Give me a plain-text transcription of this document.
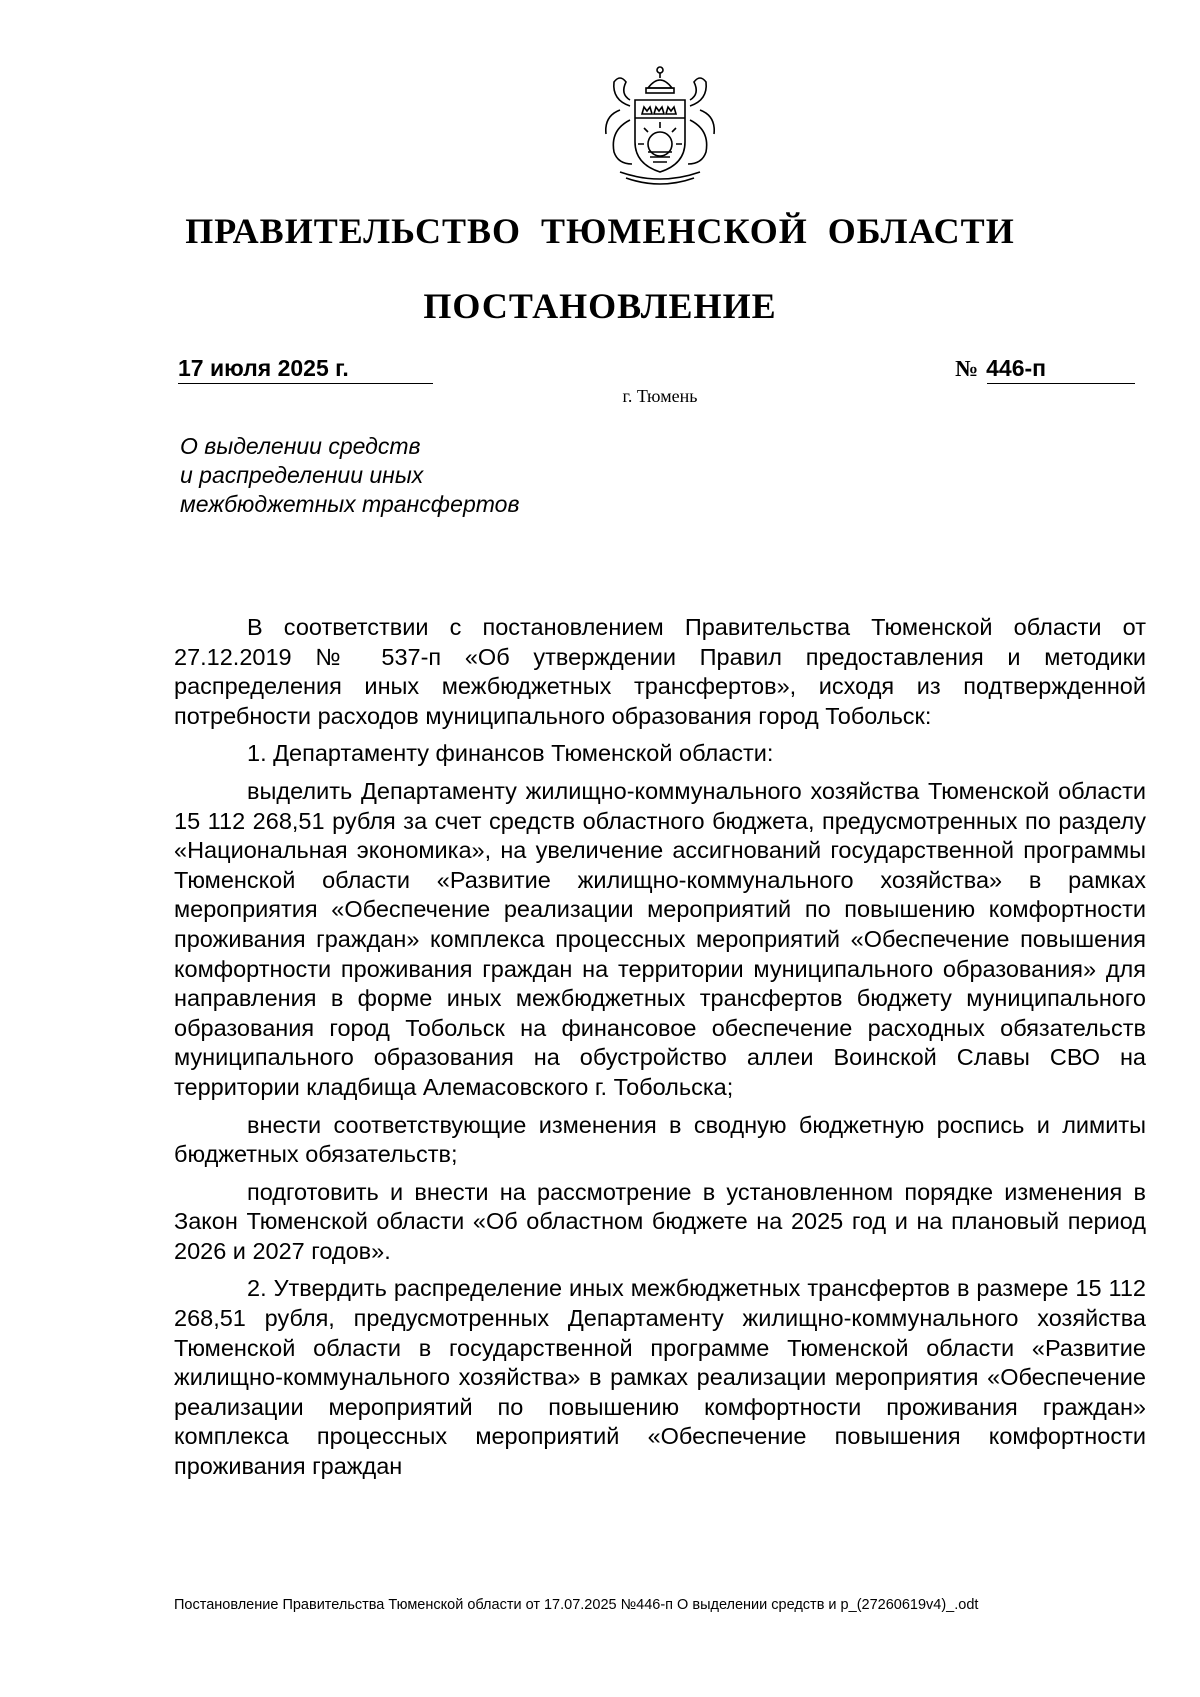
ПРАВИТЕЛЬСТВО ТЮМЕНСКОЙ ОБЛАСТИ
ПОСТАНОВЛЕНИЕ
17 июля 2025 г.	№ 446-п
г. Тюмень
О выделении средств
и распределении иных
межбюджетных трансфертов

В соответствии с постановлением Правительства Тюменской области от 27.12.2019 № 537-п «Об утверждении Правил предоставления и методики распределения иных межбюджетных трансфертов», исходя из подтвержденной потребности расходов муниципального образования город Тобольск:

1. Департаменту финансов Тюменской области:

выделить Департаменту жилищно-коммунального хозяйства Тюменской области 15 112 268,51 рубля за счет средств областного бюджета, предусмотренных по разделу «Национальная экономика», на увеличение ассигнований государственной программы Тюменской области «Развитие жилищно-коммунального хозяйства» в рамках мероприятия «Обеспечение реализации мероприятий по повышению комфортности проживания граждан» комплекса процессных мероприятий «Обеспечение повышения комфортности проживания граждан на территории муниципального образования» для направления в форме иных межбюджетных трансфертов бюджету муниципального образования город Тобольск на финансовое обеспечение расходных обязательств муниципального образования на обустройство аллеи Воинской Славы СВО на территории кладбища Алемасовского г. Тобольска;

внести соответствующие изменения в сводную бюджетную роспись и лимиты бюджетных обязательств;

подготовить и внести на рассмотрение в установленном порядке изменения в Закон Тюменской области «Об областном бюджете на 2025 год и на плановый период 2026 и 2027 годов».

2. Утвердить распределение иных межбюджетных трансфертов в размере 15 112 268,51 рубля, предусмотренных Департаменту жилищно-коммунального хозяйства Тюменской области в государственной программе Тюменской области «Развитие жилищно-коммунального хозяйства» в рамках реализации мероприятия «Обеспечение реализации мероприятий по повышению комфортности проживания граждан» комплекса процессных мероприятий «Обеспечение повышения комфортности проживания граждан

Постановление Правительства Тюменской области от 17.07.2025 №446-п О выделении средств и р_(27260619v4)_.odt
